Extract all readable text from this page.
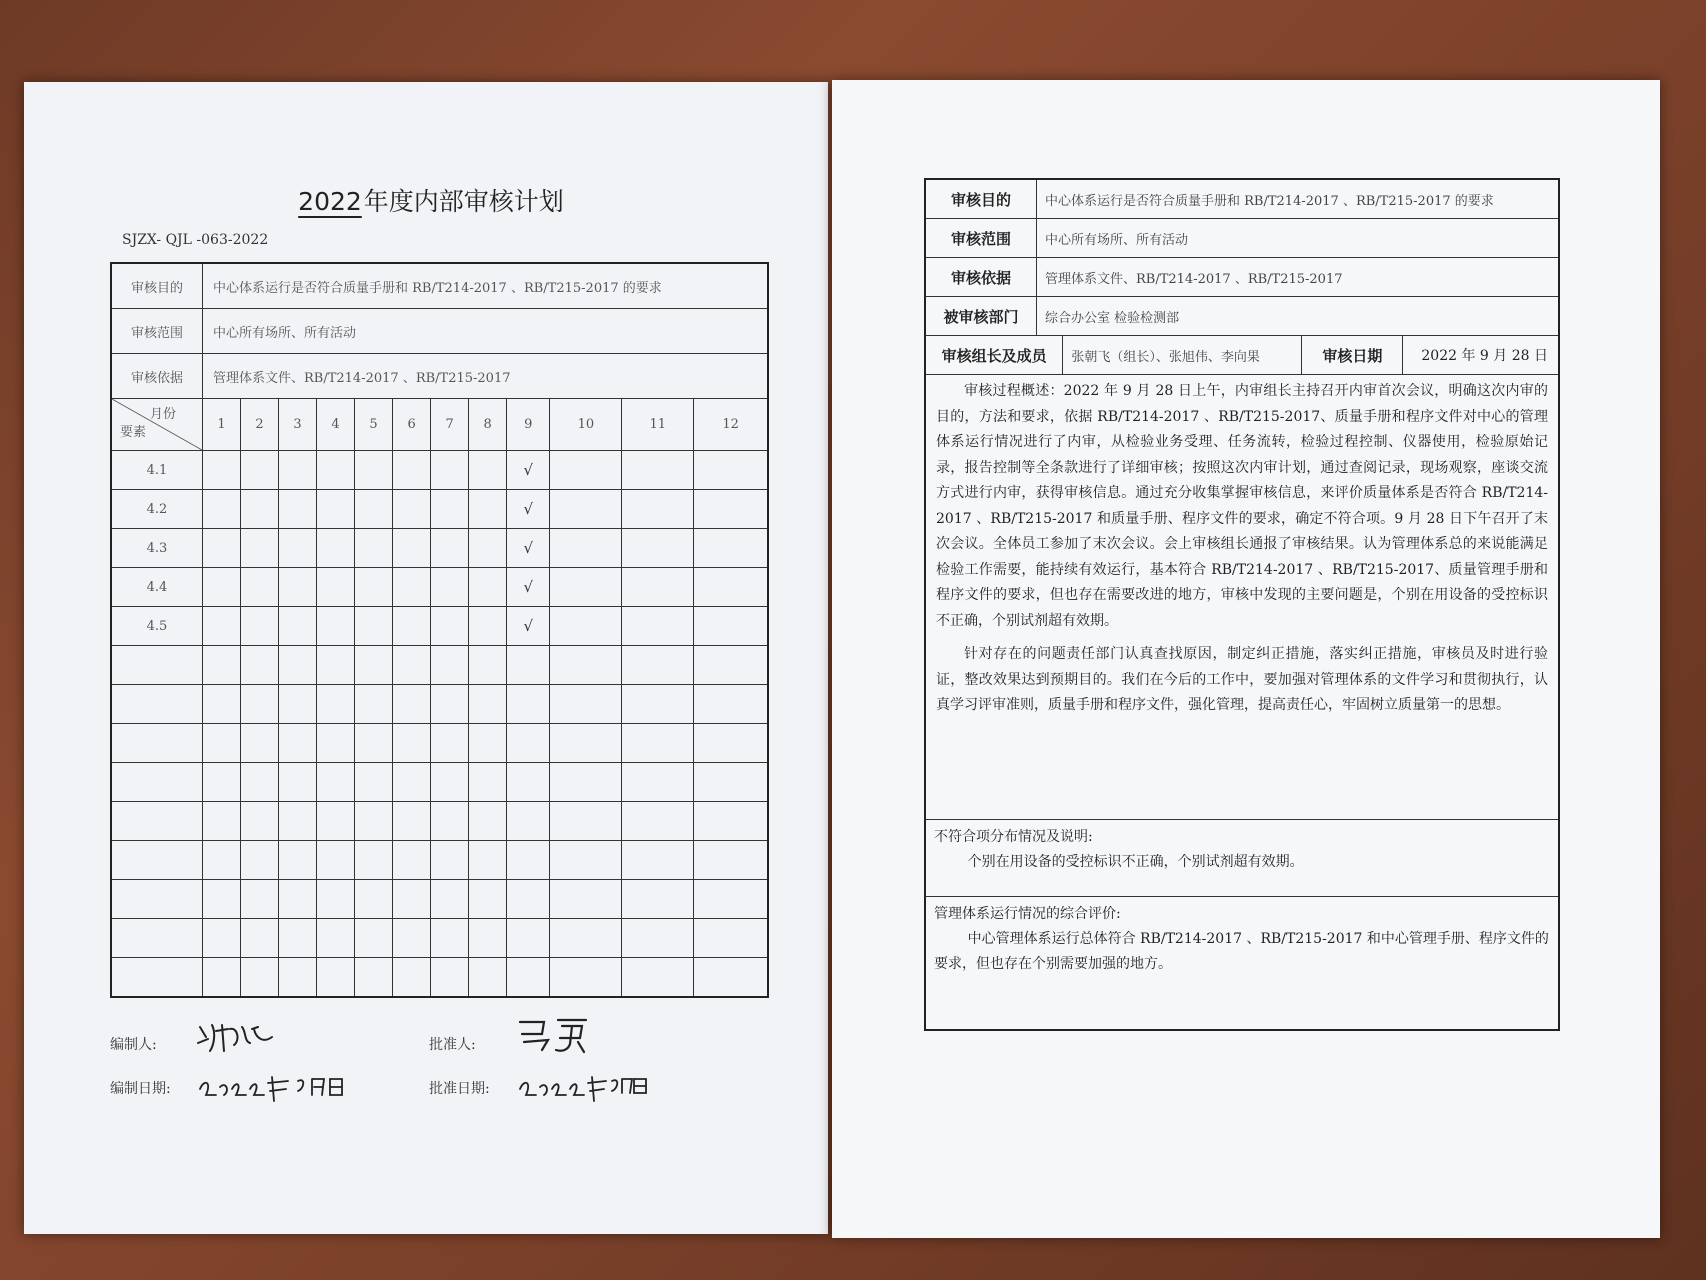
2022年度内部审核计划
SJZX- QJL -063-2022
审核目的	中心体系运行是否符合质量手册和 RB/T214-2017 、RB/T215-2017 的要求											
审核范围	中心所有场所、所有活动											
审核依据	管理体系文件、RB/T214-2017 、RB/T215-2017											

月份
要素	1	2	3	4	5	6	7	8	9	10	11	12
4.1									√			
4.2									√			
4.3									√			
4.4									√			
4.5									√			

编制人:	批准人:
编制日期:	批准日期:
审核目的	中心体系运行是否符合质量手册和 RB/T214-2017 、RB/T215-2017 的要求			
审核范围	中心所有场所、所有活动			
审核依据	管理体系文件、RB/T214-2017 、RB/T215-2017			
被审核部门	综合办公室 检验检测部			
审核组长及成员		张朝飞（组长）、张旭伟、李向果	审核日期	2022 年 9 月 28 日

审核过程概述：2022 年 9 月 28 日上午，内审组长主持召开内审首次会议，明确这次内审的目的，方法和要求，依据 RB/T214-2017 、RB/T215-2017、质量手册和程序文件对中心的管理体系运行情况进行了内审，从检验业务受理、任务流转，检验过程控制、仪器使用，检验原始记录，报告控制等全条款进行了详细审核；按照这次内审计划，通过查阅记录，现场观察，座谈交流方式进行内审，获得审核信息。通过充分收集掌握审核信息，来评价质量体系是否符合 RB/T214-2017 、RB/T215-2017 和质量手册、程序文件的要求，确定不符合项。9 月 28 日下午召开了末次会议。全体员工参加了末次会议。会上审核组长通报了审核结果。认为管理体系总的来说能满足检验工作需要，能持续有效运行，基本符合 RB/T214-2017 、RB/T215-2017、质量管理手册和程序文件的要求，但也存在需要改进的地方，审核中发现的主要问题是，个别在用设备的受控标识不正确，个别试剂超有效期。

针对存在的问题责任部门认真查找原因，制定纠正措施，落实纠正措施，审核员及时进行验证，整改效果达到预期目的。我们在今后的工作中，要加强对管理体系的文件学习和贯彻执行，认真学习评审准则，质量手册和程序文件，强化管理，提高责任心，牢固树立质量第一的思想。				

不符合项分布情况及说明:
个别在用设备的受控标识不正确，个别试剂超有效期。				

管理体系运行情况的综合评价:
中心管理体系运行总体符合 RB/T214-2017 、RB/T215-2017 和中心管理手册、程序文件的要求，但也存在个别需要加强的地方。				
